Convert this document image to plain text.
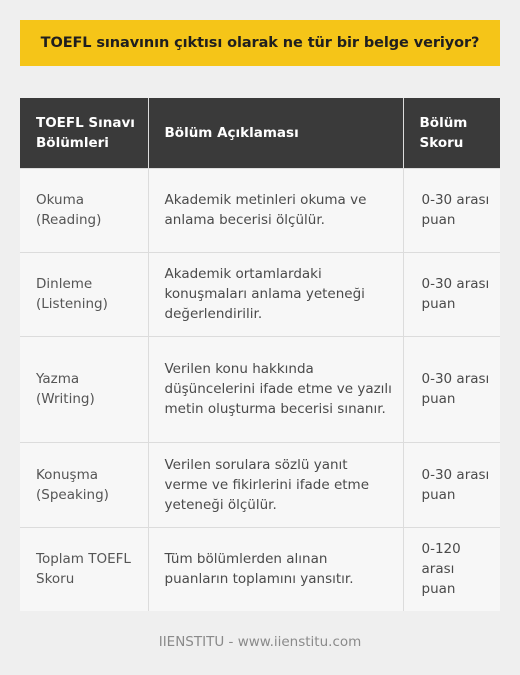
TOEFL sınavının çıktısı olarak ne tür bir belge veriyor?
TOEFL Sınavı Bölümleri	Bölüm Açıklaması	Bölüm Skoru
Okuma (Reading)	Akademik metinleri okuma ve anlama becerisi ölçülür.	0-30 arası puan
Dinleme (Listening)	Akademik ortamlardaki konuşmaları anlama yeteneği değerlendirilir.	0-30 arası puan
Yazma (Writing)	Verilen konu hakkında düşüncelerini ifade etme ve yazılı metin oluşturma becerisi sınanır.	0-30 arası puan
Konuşma (Speaking)	Verilen sorulara sözlü yanıt verme ve fikirlerini ifade etme yeteneği ölçülür.	0-30 arası puan
Toplam TOEFL Skoru	Tüm bölümlerden alınan puanların toplamını yansıtır.	0-120 arası puan
IIENSTITU - www.iienstitu.com
